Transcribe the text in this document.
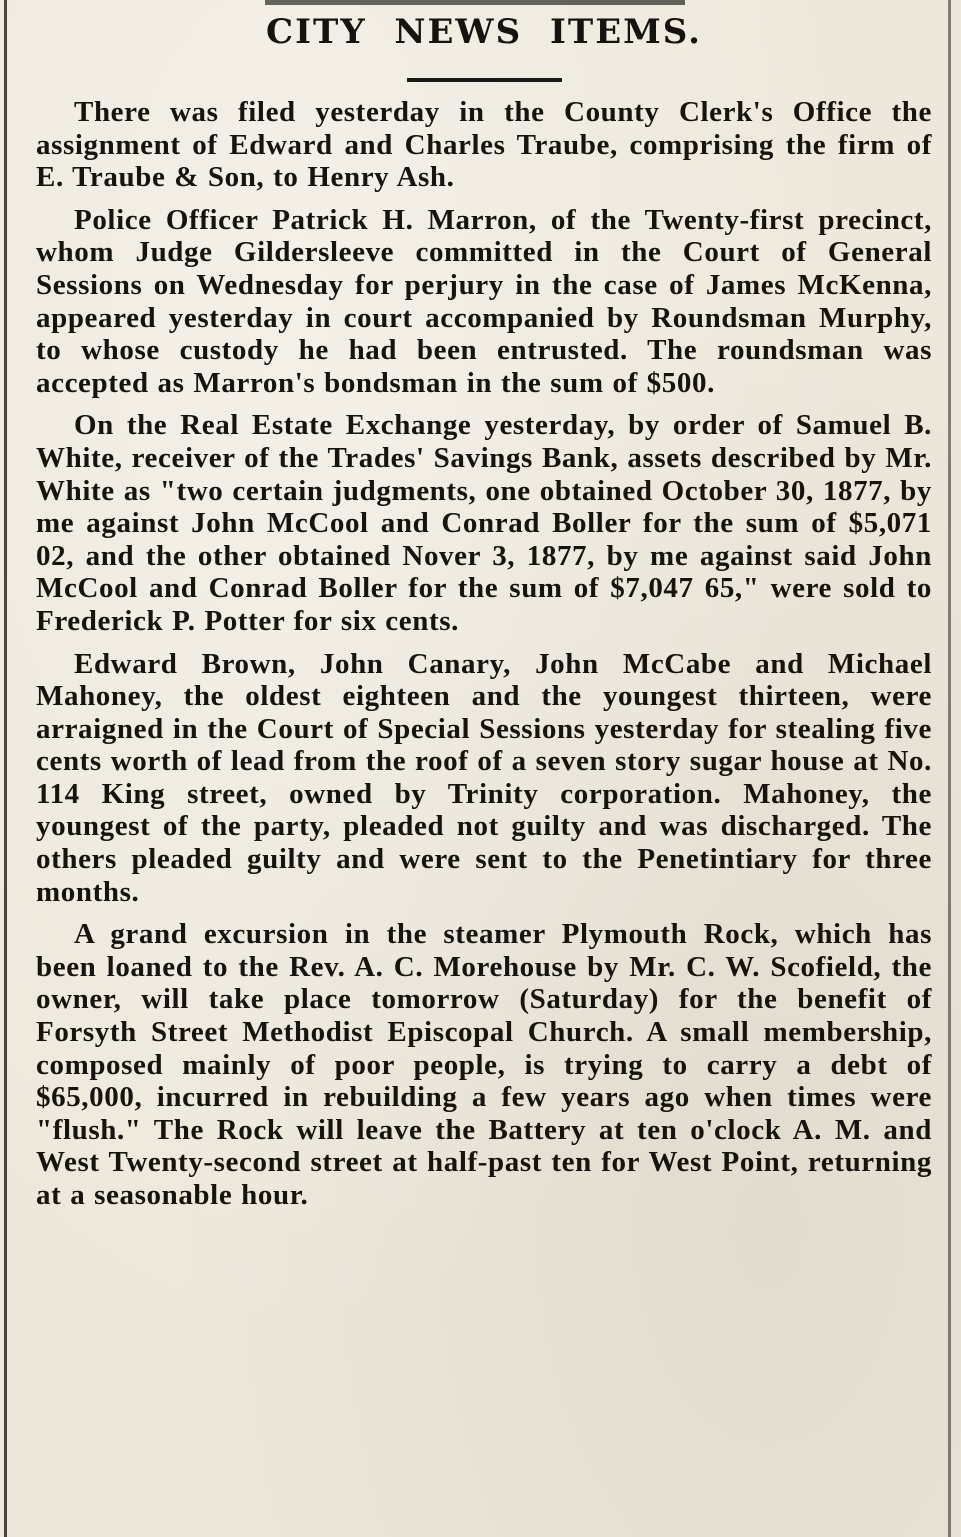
CITY NEWS ITEMS.

There was filed yesterday in the County Clerk's Office the assignment of Edward and Charles Traube, comprising the firm of E. Traube & Son, to Henry Ash.

Police Officer Patrick H. Marron, of the Twenty-first precinct, whom Judge Gildersleeve committed in the Court of General Sessions on Wednesday for perjury in the case of James McKenna, appeared yesterday in court accompanied by Roundsman Murphy, to whose custody he had been entrusted. The roundsman was accepted as Marron's bondsman in the sum of $500.

On the Real Estate Exchange yesterday, by order of Samuel B. White, receiver of the Trades' Savings Bank, assets described by Mr. White as "two certain judgments, one obtained October 30, 1877, by me against John McCool and Conrad Boller for the sum of $5,071 02, and the other obtained Nover 3, 1877, by me against said John McCool and Conrad Boller for the sum of $7,047 65," were sold to Frederick P. Potter for six cents.

Edward Brown, John Canary, John McCabe and Michael Mahoney, the oldest eighteen and the youngest thirteen, were arraigned in the Court of Special Sessions yesterday for stealing five cents worth of lead from the roof of a seven story sugar house at No. 114 King street, owned by Trinity corporation. Mahoney, the youngest of the party, pleaded not guilty and was discharged. The others pleaded guilty and were sent to the Penetintiary for three months.

A grand excursion in the steamer Plymouth Rock, which has been loaned to the Rev. A. C. Morehouse by Mr. C. W. Scofield, the owner, will take place tomorrow (Saturday) for the benefit of Forsyth Street Methodist Episcopal Church. A small membership, composed mainly of poor people, is trying to carry a debt of $65,000, incurred in rebuilding a few years ago when times were "flush." The Rock will leave the Battery at ten o'clock A. M. and West Twenty-second street at half-past ten for West Point, returning at a seasonable hour.
